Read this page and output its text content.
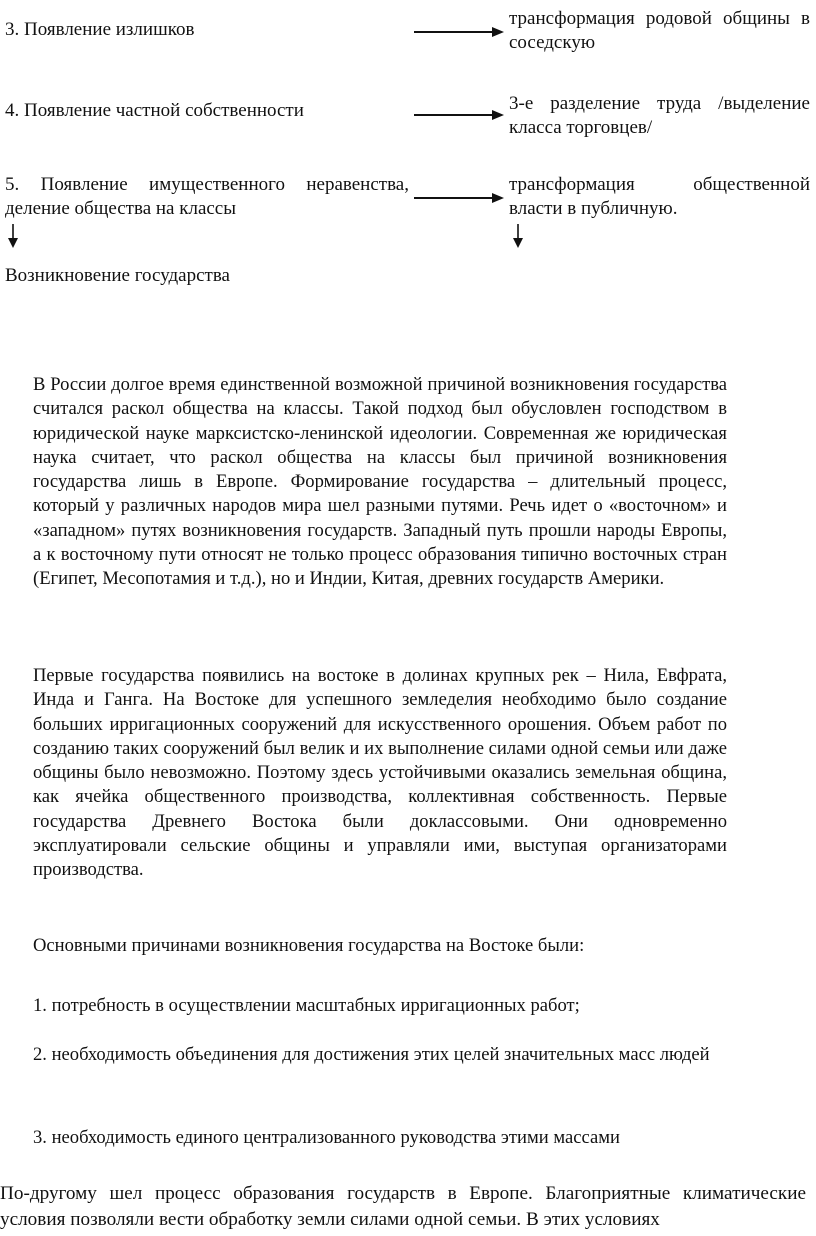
3. Появление излишков
4. Появление частной собственности
5. Появление имущественного неравенства, деление общества на классы
Возникновение государства
трансформация родовой общины в соседскую
3-е разделение труда /выделение класса торговцев/
трансформация общественной власти в публичную.

В России долгое время единственной возможной причиной возникновения государства считался раскол общества на классы. Такой подход был обусловлен господством в юридической науке марксистско-ленинской идеологии. Современная же юридическая наука считает, что раскол общества на классы был причиной возникновения государства лишь в Европе. Формирование государства – длительный процесс, который у различных народов мира шел разными путями. Речь идет о «восточном» и «западном» путях возникновения государств. Западный путь прошли народы Европы, а к восточному пути относят не только процесс образования типично восточных стран (Египет, Месопотамия и т.д.), но и Индии, Китая, древних государств Америки.

Первые государства появились на востоке в долинах крупных рек – Нила, Евфрата, Инда и Ганга. На Востоке для успешного земледелия необходимо было создание больших ирригационных сооружений для искусственного орошения. Объем работ по созданию таких сооружений был велик и их выполнение силами одной семьи или даже общины было невозможно. Поэтому здесь устойчивыми оказались земельная община, как ячейка общественного производства, коллективная собственность. Первые государства Древнего Востока были доклассовыми. Они одновременно эксплуатировали сельские общины и управляли ими, выступая организаторами производства.

Основными причинами возникновения государства на Востоке были:

1. потребность в осуществлении масштабных ирригационных работ;

2. необходимость объединения для достижения этих целей значительных масс людей

3. необходимость единого централизованного руководства этими массами

По-другому шел процесс образования государств в Европе. Благоприятные климатические условия позволяли вести обработку земли силами одной семьи. В этих условиях
